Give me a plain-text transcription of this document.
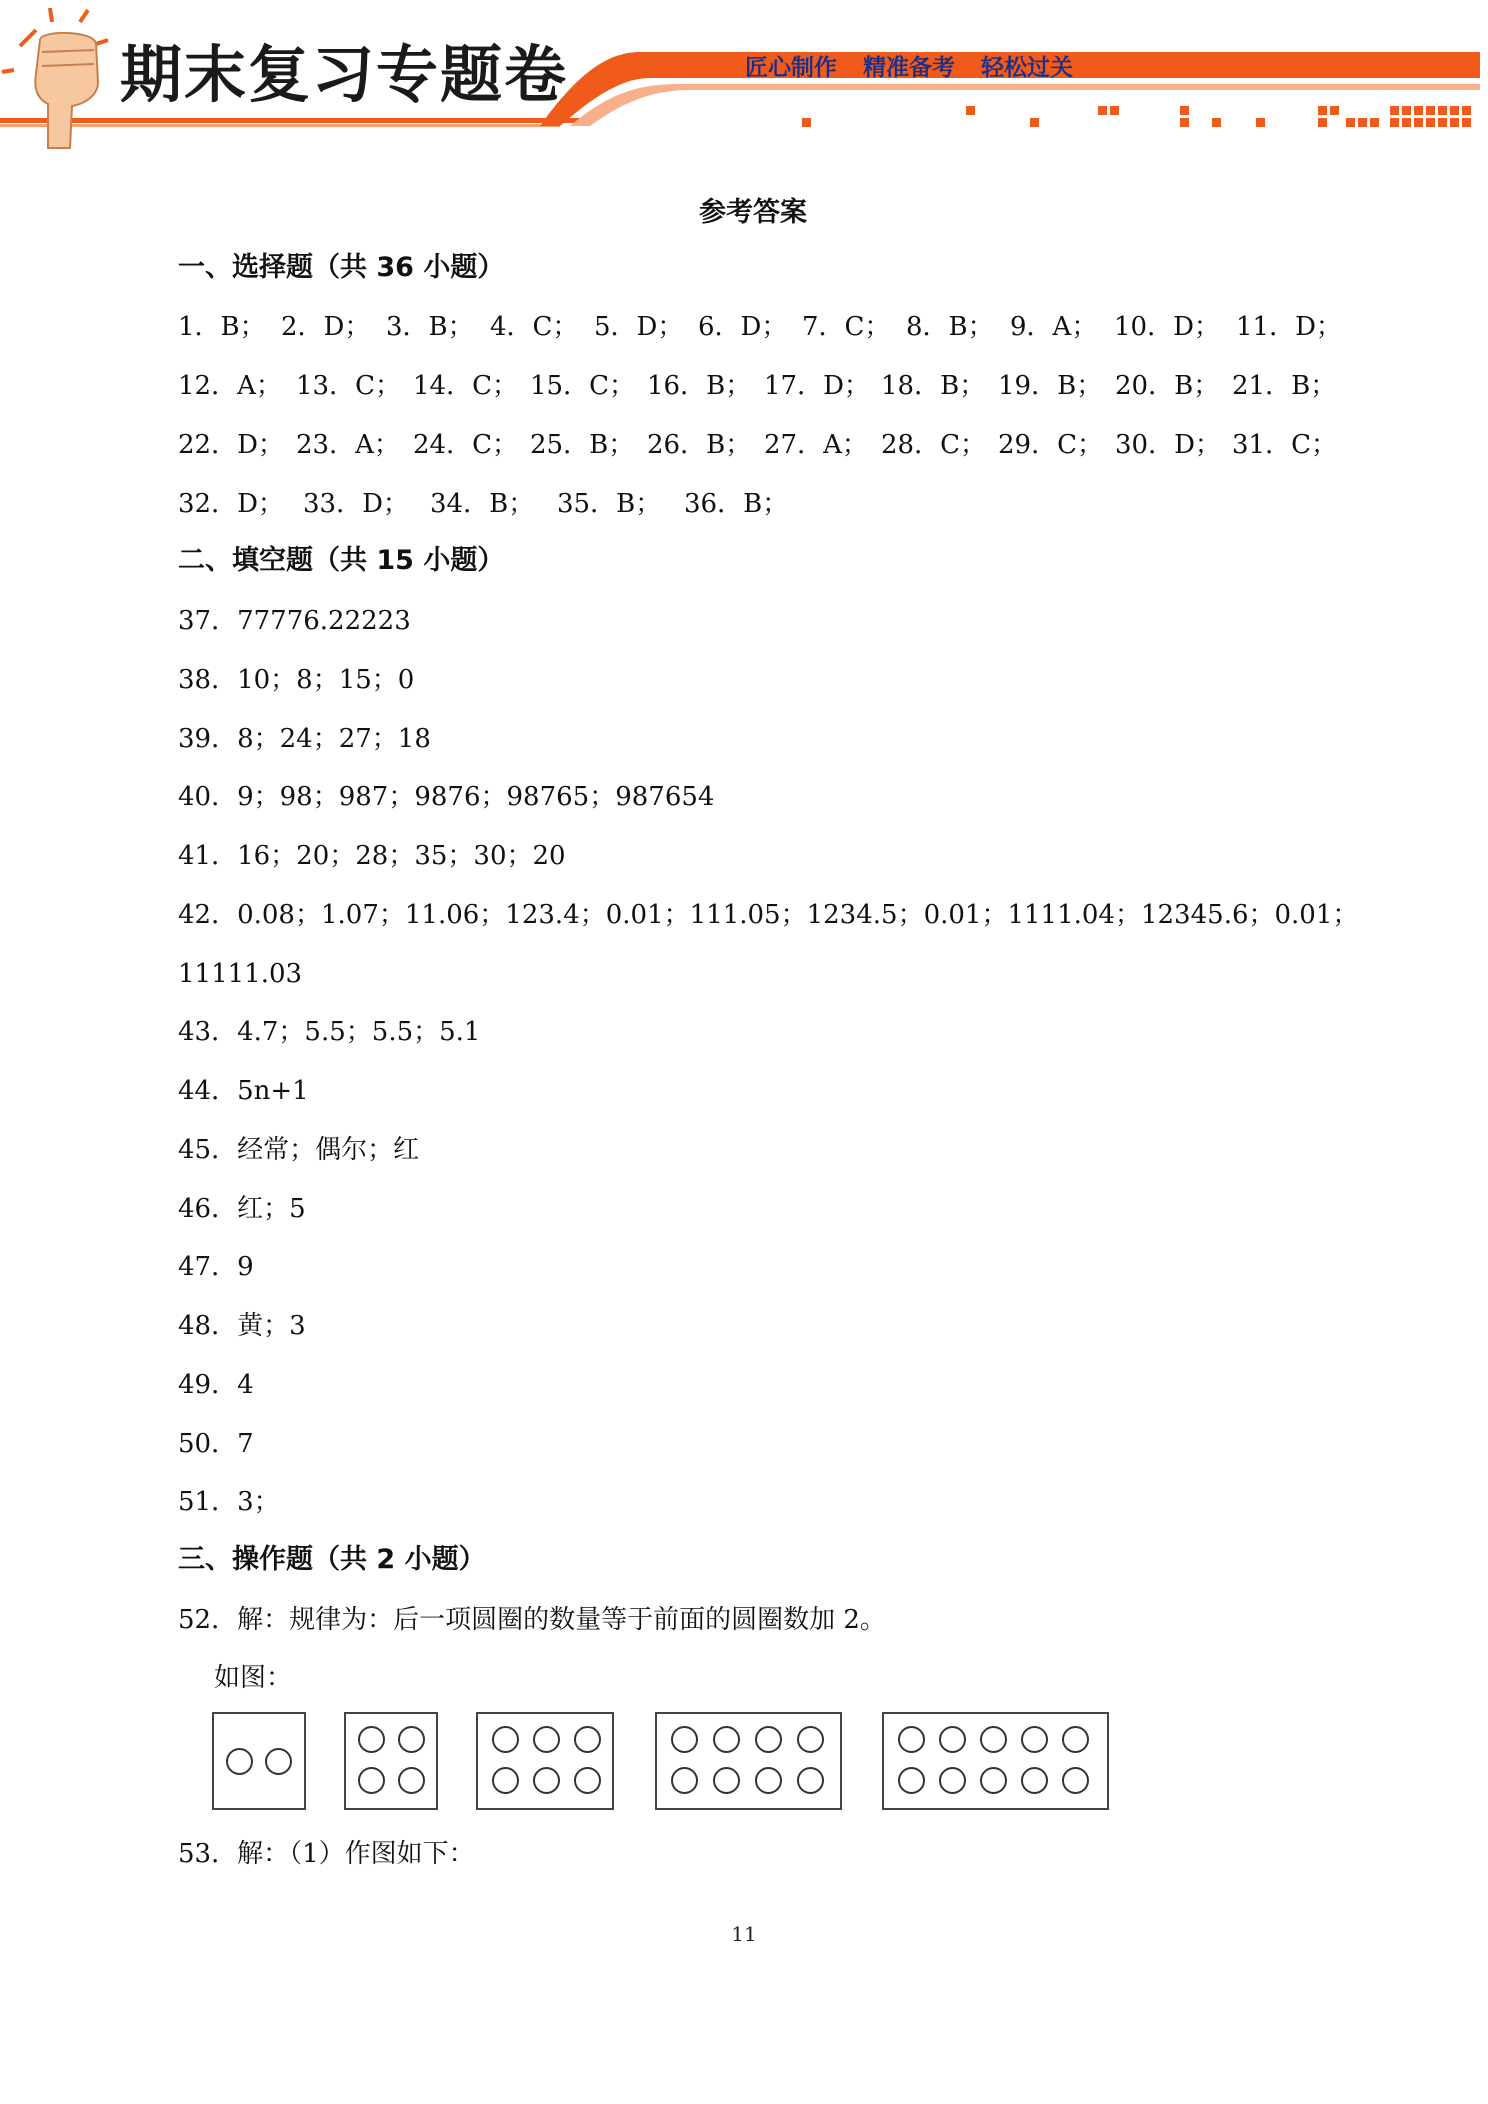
期末复习专题卷	匠心制作 精准备考 轻松过关
参考答案
一、选择题（共 36 小题）
1．B； 2．D； 3．B； 4．C； 5．D； 6．D； 7．C； 8．B； 9．A； 10．D； 11．D；
12．A； 13．C； 14．C； 15．C； 16．B； 17．D； 18．B； 19．B； 20．B； 21．B；
22．D； 23．A； 24．C； 25．B； 26．B； 27．A； 28．C； 29．C； 30．D； 31．C；
32．D； 33．D； 34．B； 35．B； 36．B；
二、填空题（共 15 小题）
37．77776.22223
38．10；8；15；0
39．8；24；27；18
40．9；98；987；9876；98765；987654
41．16；20；28；35；30；20
42．0.08；1.07；11.06；123.4；0.01；111.05；1234.5；0.01；1111.04；12345.6；0.01；
11111.03
43．4.7；5.5；5.5；5.1
44．5n+1
45．经常；偶尔；红
46．红；5
47．9
48．黄；3
49．4
50．7
51．3；
三、操作题（共 2 小题）
52．解：规律为：后一项圆圈的数量等于前面的圆圈数加 2。
如图：
53．解：（1）作图如下：
11
